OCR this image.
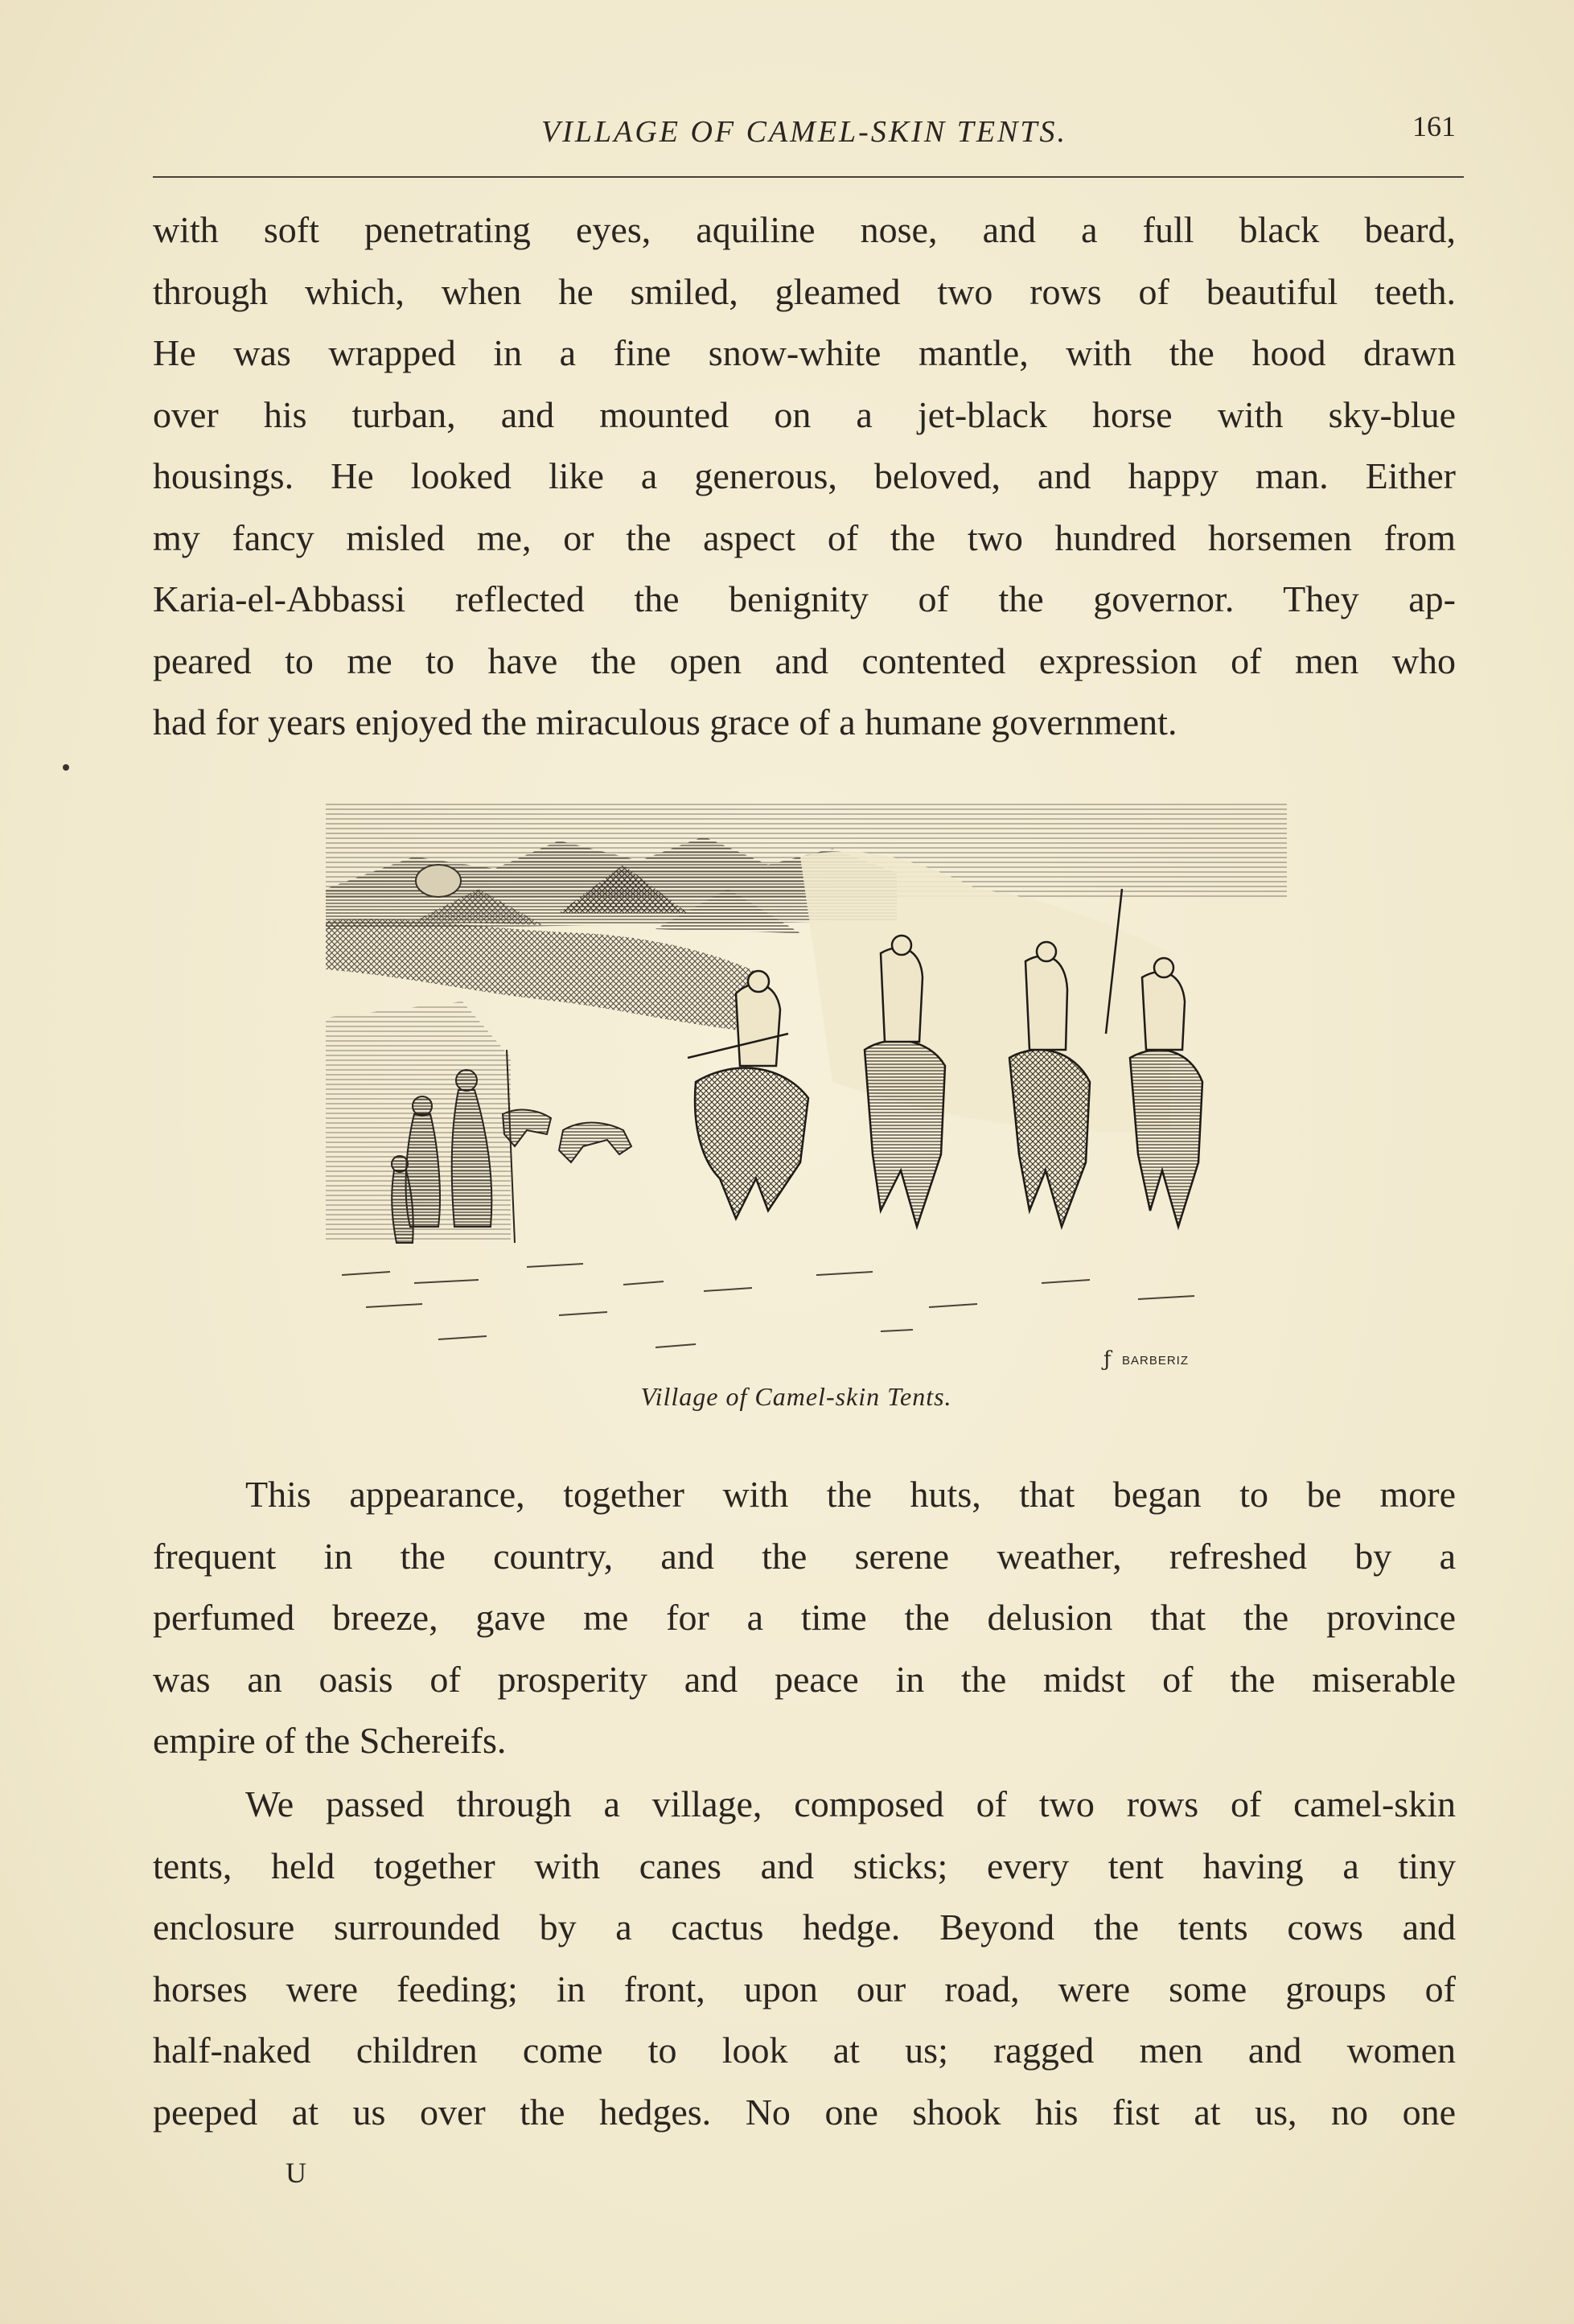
VILLAGE OF CAMEL-SKIN TENTS.	161
with soft penetrating eyes, aquiline nose, and a full black beard,
through which, when he smiled, gleamed two rows of beautiful teeth.
He was wrapped in a fine snow-white mantle, with the hood drawn
over his turban, and mounted on a jet-black horse with sky-blue
housings. He looked like a generous, beloved, and happy man. Either
my fancy misled me, or the aspect of the two hundred horsemen from
Karia-el-Abbassi reflected the benignity of the governor. They ap-
peared to me to have the open and contented expression of men who
had for years enjoyed the miraculous grace of a humane government.
ƒ BARBERIZ
Village of Camel-skin Tents.
This appearance, together with the huts, that began to be more
frequent in the country, and the serene weather, refreshed by a
perfumed breeze, gave me for a time the delusion that the province
was an oasis of prosperity and peace in the midst of the miserable
empire of the Schereifs.
We passed through a village, composed of two rows of camel-skin
tents, held together with canes and sticks; every tent having a tiny
enclosure surrounded by a cactus hedge. Beyond the tents cows and
horses were feeding; in front, upon our road, were some groups of
half-naked children come to look at us; ragged men and women
peeped at us over the hedges. No one shook his fist at us, no one
U
